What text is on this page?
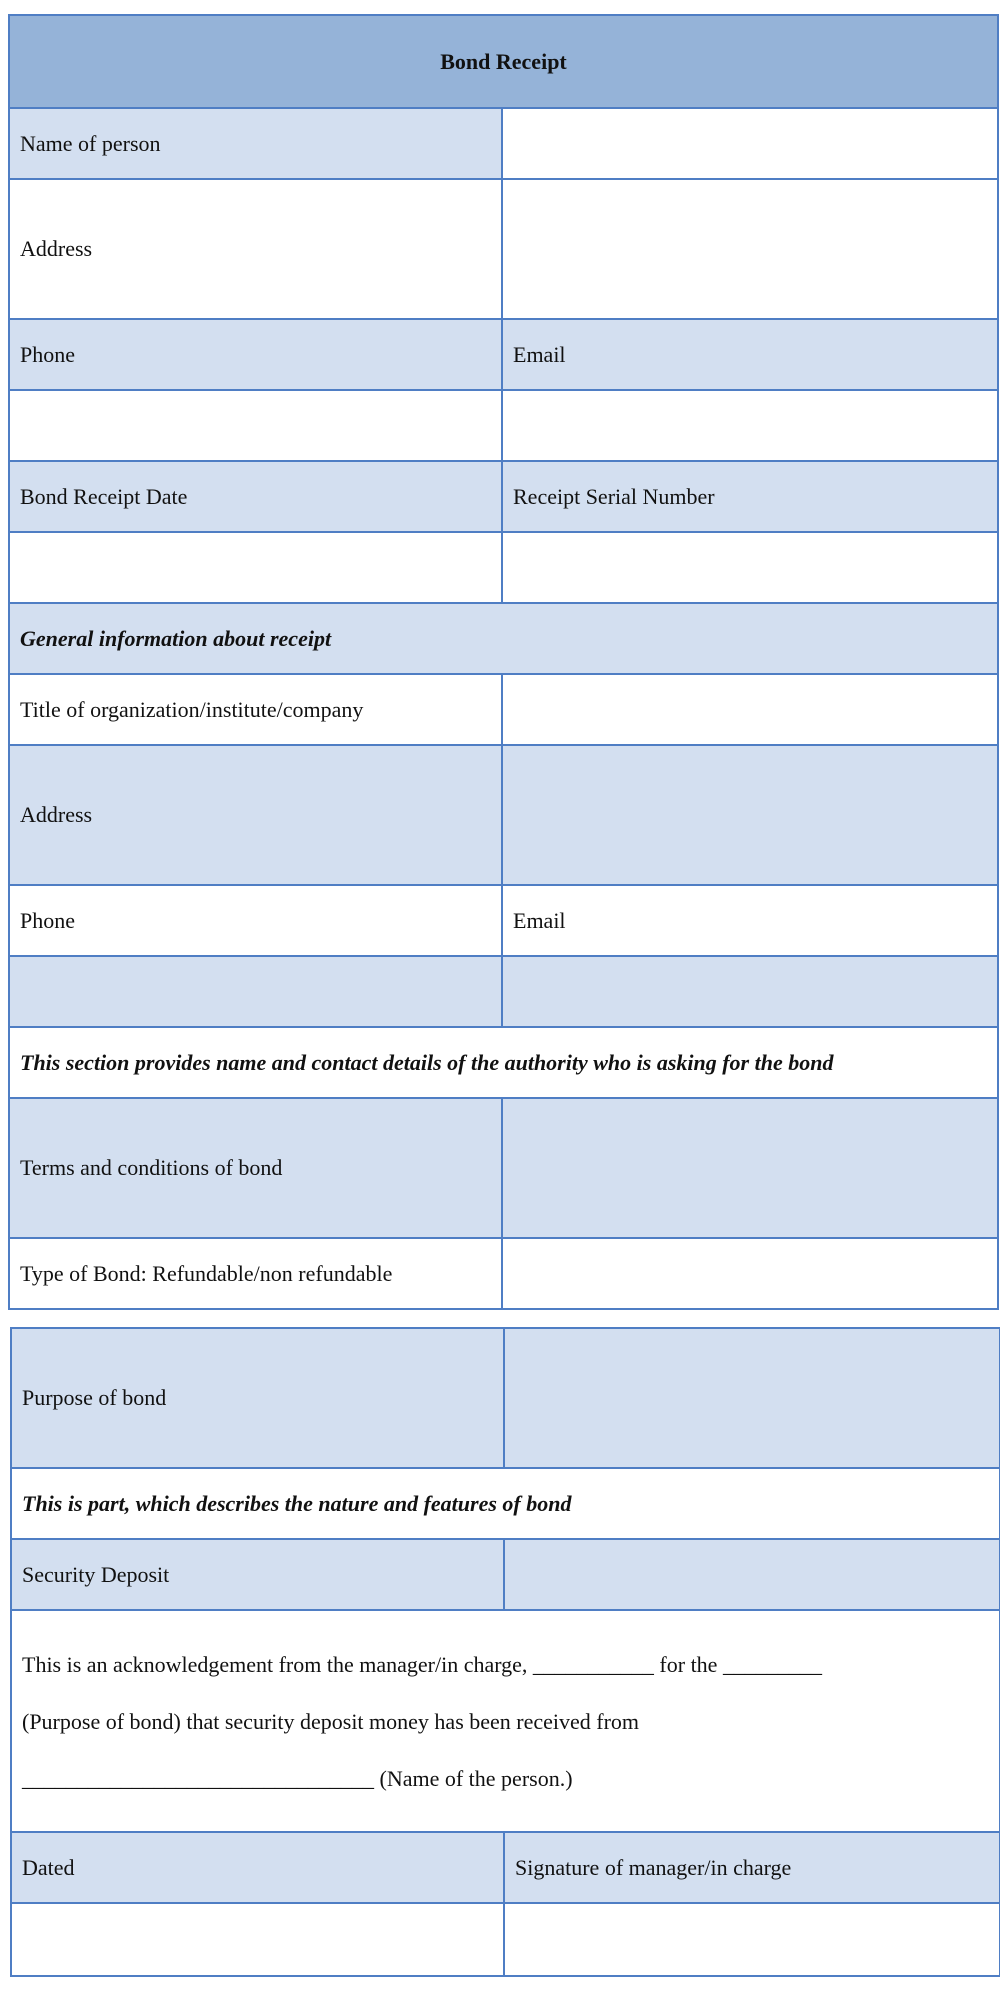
Bond Receipt	
Name of person	
Address	
Phone	Email

Bond Receipt Date	Receipt Serial Number

General information about receipt	
Title of organization/institute/company	
Address	
Phone	Email

This section provides name and contact details of the authority who is asking for the bond	
Terms and conditions of bond	
Type of Bond: Refundable/non refundable	
Purpose of bond	
This is part, which describes the nature and features of bond	
Security Deposit	

This is an acknowledgement from the manager/in charge, ___________ for the _________

(Purpose of bond) that security deposit money has been received from

________________________________ (Name of the person.)	

Dated	Signature of manager/in charge
